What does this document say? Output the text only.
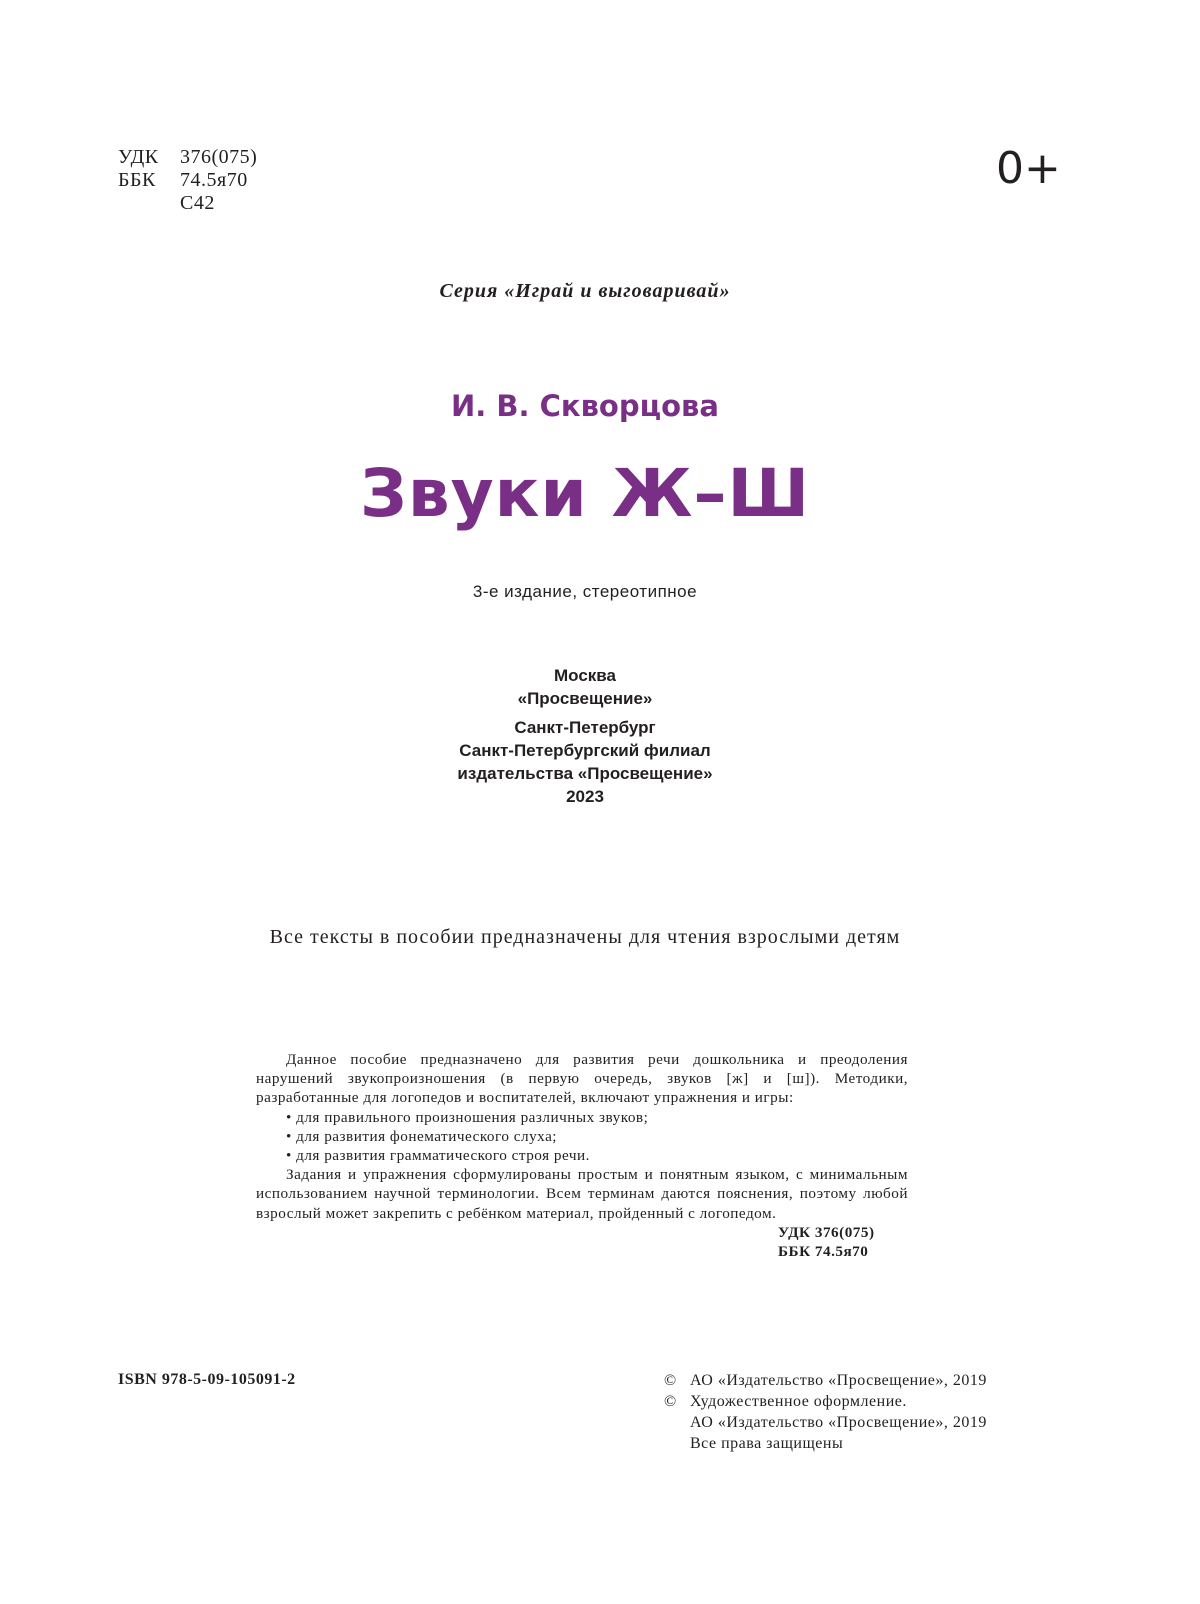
УДК	376(075)
ББК	74.5я70
С42
0+
Серия «Играй и выговаривай»
И. В. Скворцова
Звуки Ж–Ш
3-е издание, стереотипное
Москва
«Просвещение»
Санкт-Петербург
Санкт-Петербургский филиал
издательства «Просвещение»
2023
Все тексты в пособии предназначены для чтения взрослыми детям

Данное пособие предназначено для развития речи дошкольника и преодоления нарушений звукопроизношения (в первую очередь, звуков [ж] и [ш]). Методики, разработанные для логопедов и воспитателей, включают упражнения и игры:

• для правильного произношения различных звуков;
• для развития фонематического слуха;
• для развития грамматического строя речи.

Задания и упражнения сформулированы простым и понятным языком, с минимальным использованием научной терминологии. Всем терминам даются пояснения, поэтому любой взрослый может закрепить с ребёнком материал, пройденный с логопедом.

УДК 376(075)
ББК 74.5я70
ISBN 978-5-09-105091-2	© АО «Издательство «Просвещение», 2019
© Художественное оформление.
АО «Издательство «Просвещение», 2019
Все права защищены
